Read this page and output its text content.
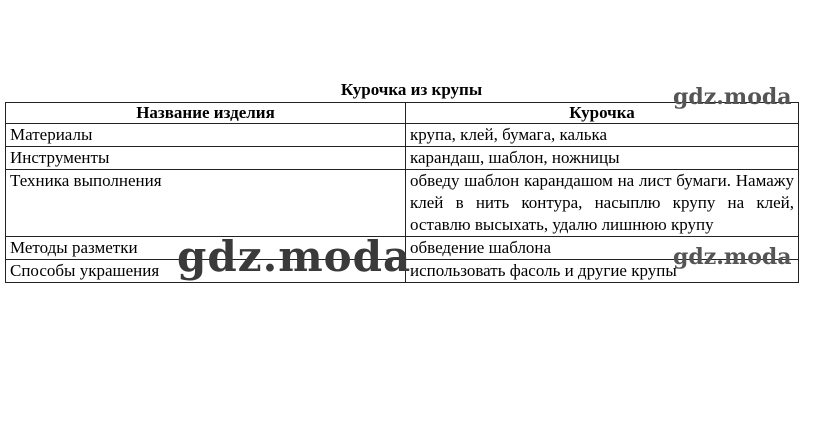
Курочка из крупы
Название изделия	Курочка
Материалы	крупа, клей, бумага, калька
Инструменты	карандаш, шаблон, ножницы
Техника выполнения	обведу шаблон карандашом на лист бумаги. Намажу клей в нить контура, насыплю крупу на клей, оставлю высыхать, удалю лишнюю крупу
Методы разметки	обведение шаблона
Способы украшения	использовать фасоль и другие крупы
gdz.moda
gdz.moda	gdz.moda
